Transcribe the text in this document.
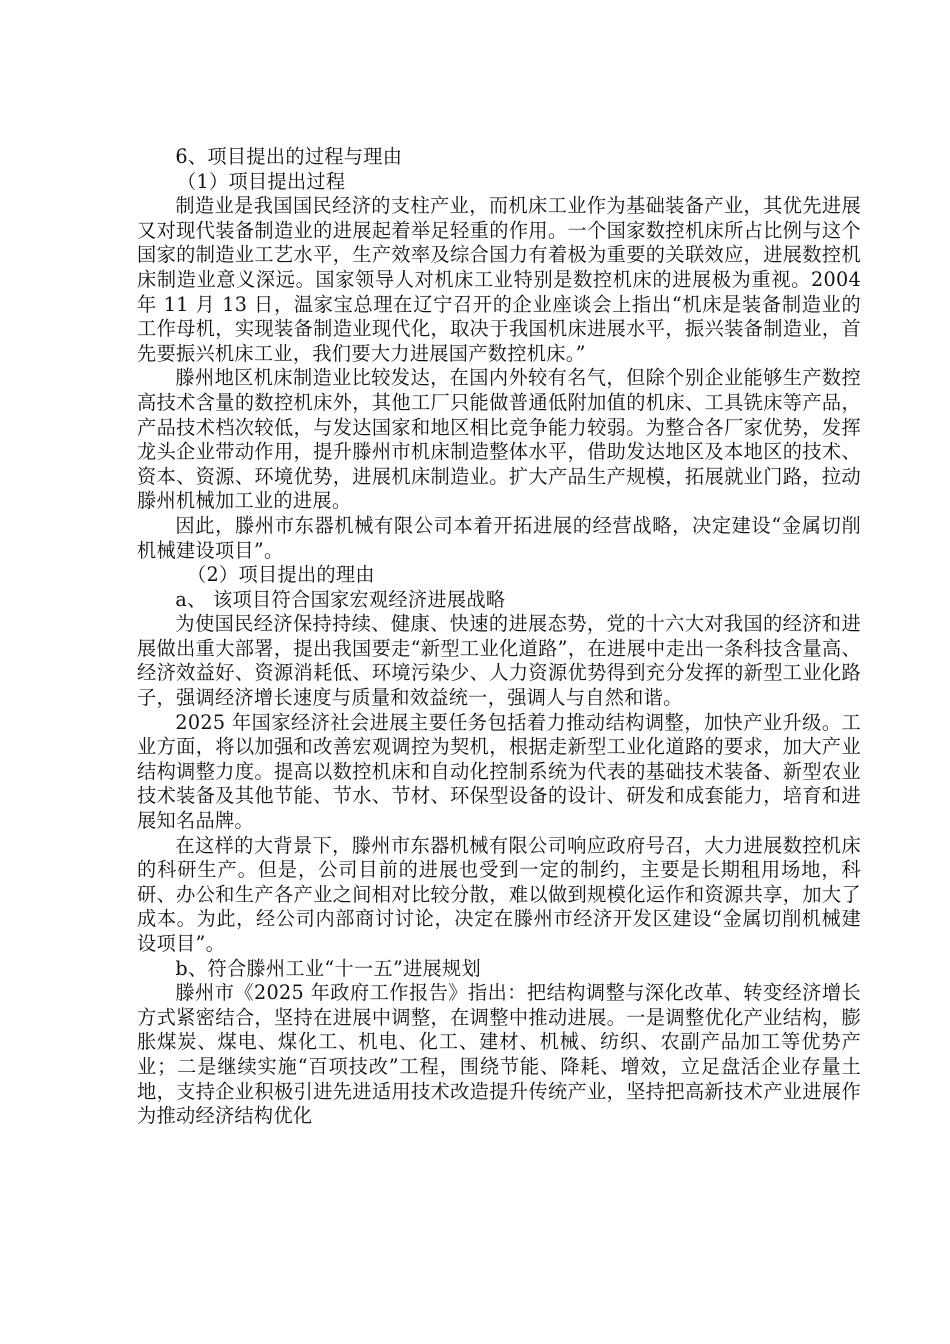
6、项目提出的过程与理由

（1）项目提出过程

制造业是我国国民经济的支柱产业，而机床工业作为基础装备产业，其优先进展又对现代装备制造业的进展起着举足轻重的作用。一个国家数控机床所占比例与这个国家的制造业工艺水平，生产效率及综合国力有着极为重要的关联效应，进展数控机床制造业意义深远。国家领导人对机床工业特别是数控机床的进展极为重视。2004 年 11 月 13 日，温家宝总理在辽宁召开的企业座谈会上指出“机床是装备制造业的工作母机，实现装备制造业现代化，取决于我国机床进展水平，振兴装备制造业，首先要振兴机床工业，我们要大力进展国产数控机床。”

滕州地区机床制造业比较发达，在国内外较有名气，但除个别企业能够生产数控高技术含量的数控机床外，其他工厂只能做普通低附加值的机床、工具铣床等产品，产品技术档次较低，与发达国家和地区相比竞争能力较弱。为整合各厂家优势，发挥龙头企业带动作用，提升滕州市机床制造整体水平，借助发达地区及本地区的技术、资本、资源、环境优势，进展机床制造业。扩大产品生产规模，拓展就业门路，拉动滕州机械加工业的进展。

因此，滕州市东器机械有限公司本着开拓进展的经营战略，决定建设“金属切削机械建设项目”。

（2）项目提出的理由

a、 该项目符合国家宏观经济进展战略

为使国民经济保持持续、健康、快速的进展态势，党的十六大对我国的经济和进展做出重大部署，提出我国要走“新型工业化道路”，在进展中走出一条科技含量高、经济效益好、资源消耗低、环境污染少、人力资源优势得到充分发挥的新型工业化路子，强调经济增长速度与质量和效益统一，强调人与自然和谐。

2025 年国家经济社会进展主要任务包括着力推动结构调整，加快产业升级。工业方面，将以加强和改善宏观调控为契机，根据走新型工业化道路的要求，加大产业结构调整力度。提高以数控机床和自动化控制系统为代表的基础技术装备、新型农业技术装备及其他节能、节水、节材、环保型设备的设计、研发和成套能力，培育和进展知名品牌。

在这样的大背景下，滕州市东器机械有限公司响应政府号召，大力进展数控机床的科研生产。但是，公司目前的进展也受到一定的制约，主要是长期租用场地，科研、办公和生产各产业之间相对比较分散，难以做到规模化运作和资源共享，加大了成本。为此，经公司内部商讨讨论，决定在滕州市经济开发区建设“金属切削机械建设项目”。

b、符合滕州工业“十一五”进展规划

滕州市《2025 年政府工作报告》指出：把结构调整与深化改革、转变经济增长方式紧密结合，坚持在进展中调整，在调整中推动进展。一是调整优化产业结构，膨胀煤炭、煤电、煤化工、机电、化工、建材、机械、纺织、农副产品加工等优势产业；二是继续实施“百项技改”工程，围绕节能、降耗、增效，立足盘活企业存量土地，支持企业积极引进先进适用技术改造提升传统产业，坚持把高新技术产业进展作为推动经济结构优化
